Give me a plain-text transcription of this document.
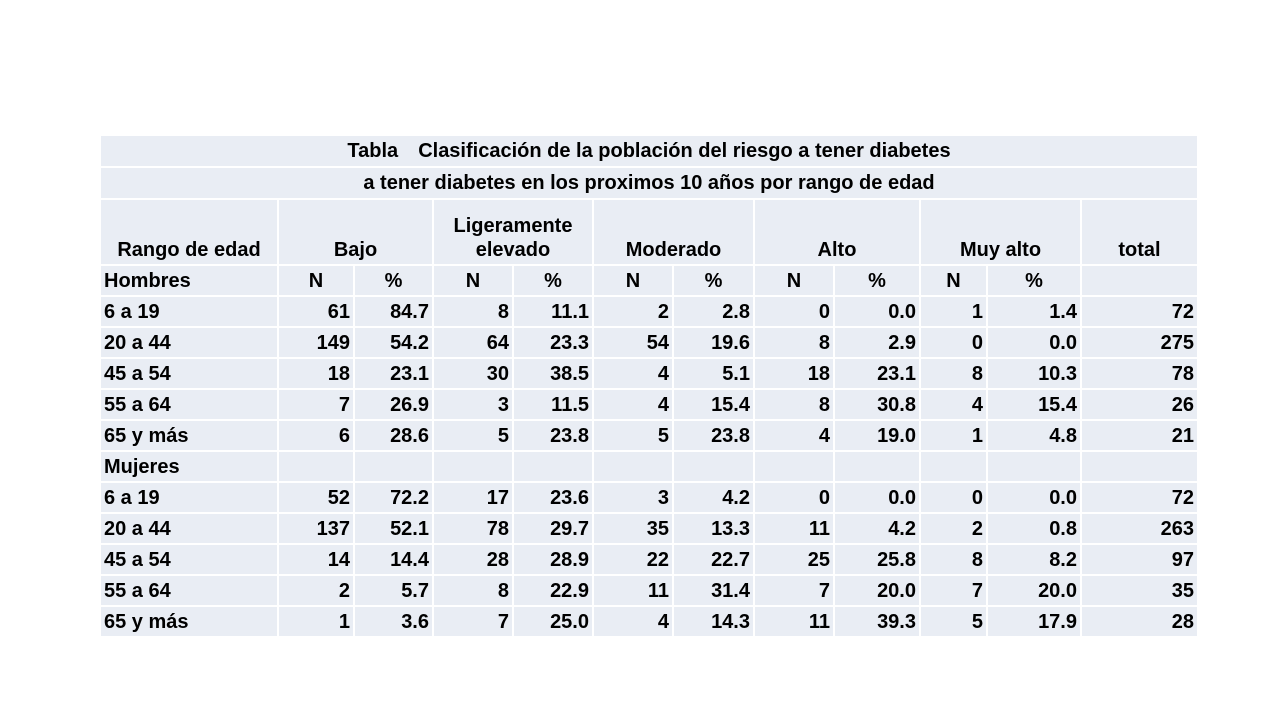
Tabla Clasificación de la población del riesgo a tener diabetes											
a tener diabetes en los proximos 10 años por rango de edad											
Rango de edad	Bajo		Ligeramente elevado		Moderado		Alto		Muy alto		total
Hombres	N	%	N	%	N	%	N	%	N	%	
6 a 19	61	84.7	8	11.1	2	2.8	0	0.0	1	1.4	72
20 a 44	149	54.2	64	23.3	54	19.6	8	2.9	0	0.0	275
45 a 54	18	23.1	30	38.5	4	5.1	18	23.1	8	10.3	78
55 a 64	7	26.9	3	11.5	4	15.4	8	30.8	4	15.4	26
65 y más	6	28.6	5	23.8	5	23.8	4	19.0	1	4.8	21
Mujeres											
6 a 19	52	72.2	17	23.6	3	4.2	0	0.0	0	0.0	72
20 a 44	137	52.1	78	29.7	35	13.3	11	4.2	2	0.8	263
45 a 54	14	14.4	28	28.9	22	22.7	25	25.8	8	8.2	97
55 a 64	2	5.7	8	22.9	11	31.4	7	20.0	7	20.0	35
65 y más	1	3.6	7	25.0	4	14.3	11	39.3	5	17.9	28
